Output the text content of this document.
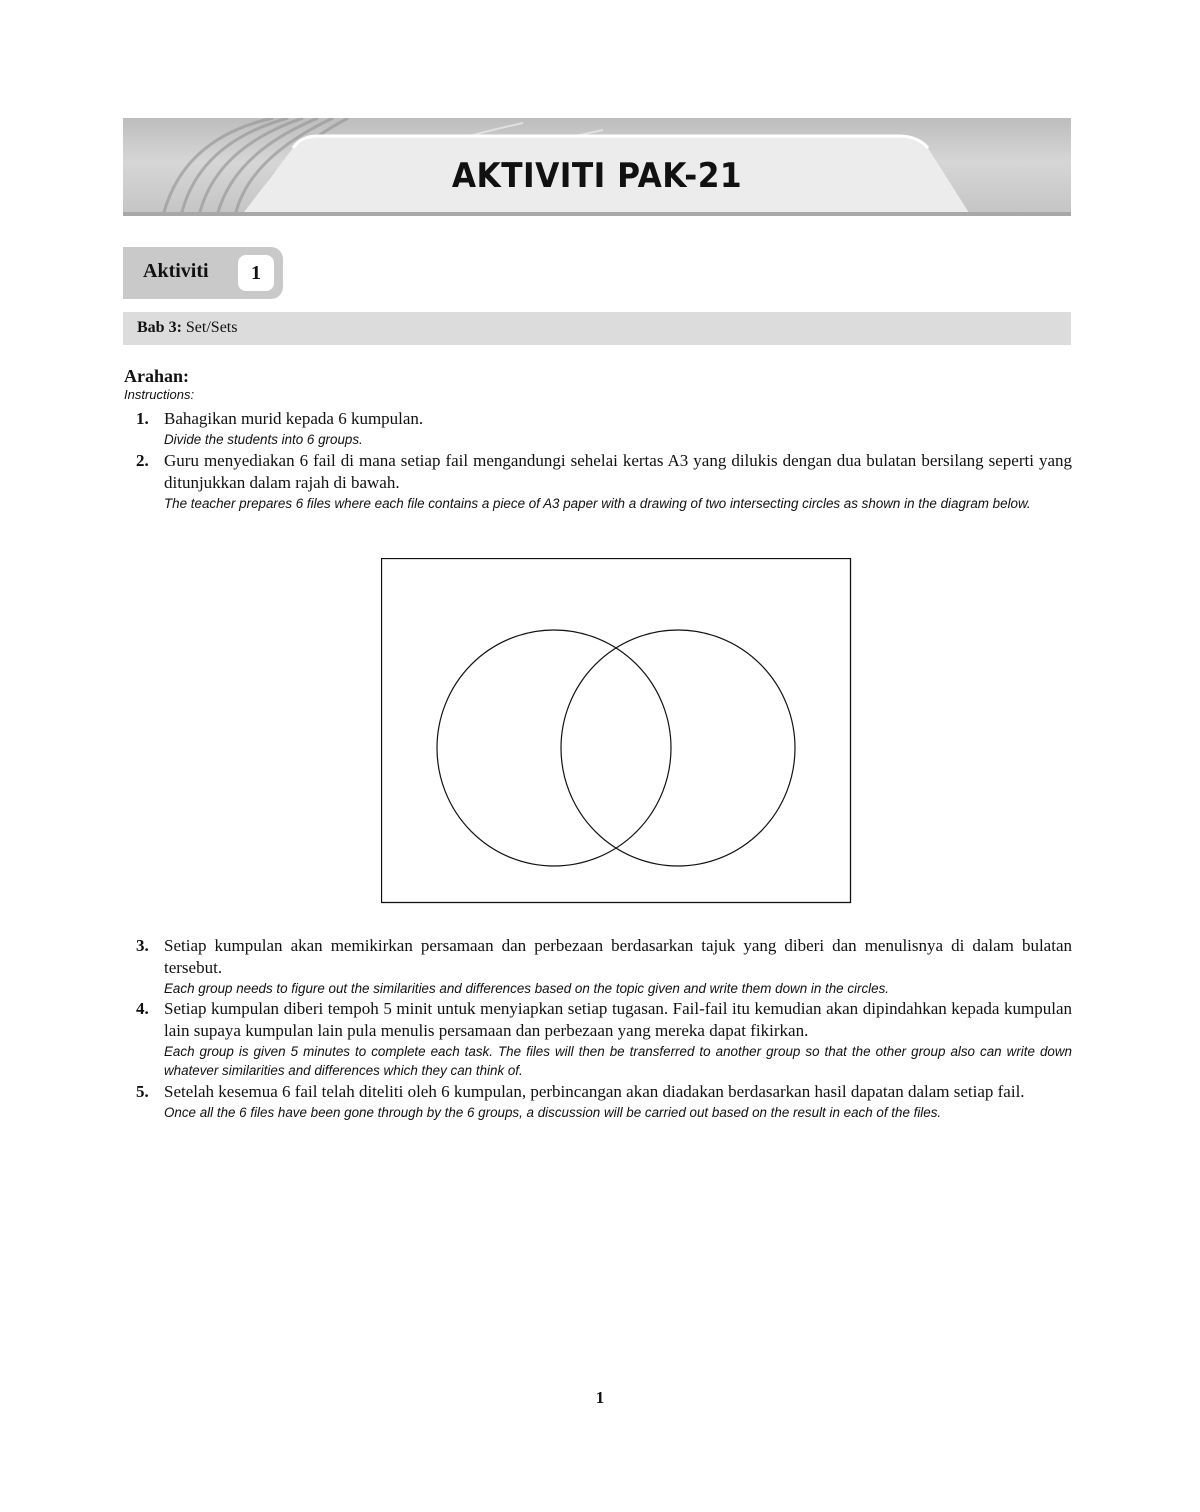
AKTIVITI PAK-21
Aktiviti	1
Bab 3: Set/Sets
Arahan:
Instructions:
1. Bahagikan murid kepada 6 kumpulan.
Divide the students into 6 groups.
2. Guru menyediakan 6 fail di mana setiap fail mengandungi sehelai kertas A3 yang dilukis dengan dua bulatan bersilang seperti yang ditunjukkan dalam rajah di bawah.
The teacher prepares 6 files where each file contains a piece of A3 paper with a drawing of two intersecting circles as shown in the diagram below.
3. Setiap kumpulan akan memikirkan persamaan dan perbezaan berdasarkan tajuk yang diberi dan menulisnya di dalam bulatan tersebut.
Each group needs to figure out the similarities and differences based on the topic given and write them down in the circles.
4. Setiap kumpulan diberi tempoh 5 minit untuk menyiapkan setiap tugasan. Fail-fail itu kemudian akan dipindahkan kepada kumpulan lain supaya kumpulan lain pula menulis persamaan dan perbezaan yang mereka dapat fikirkan.
Each group is given 5 minutes to complete each task. The files will then be transferred to another group so that the other group also can write down whatever similarities and differences which they can think of.
5. Setelah kesemua 6 fail telah diteliti oleh 6 kumpulan, perbincangan akan diadakan berdasarkan hasil dapatan dalam setiap fail.
Once all the 6 files have been gone through by the 6 groups, a discussion will be carried out based on the result in each of the files.
1
